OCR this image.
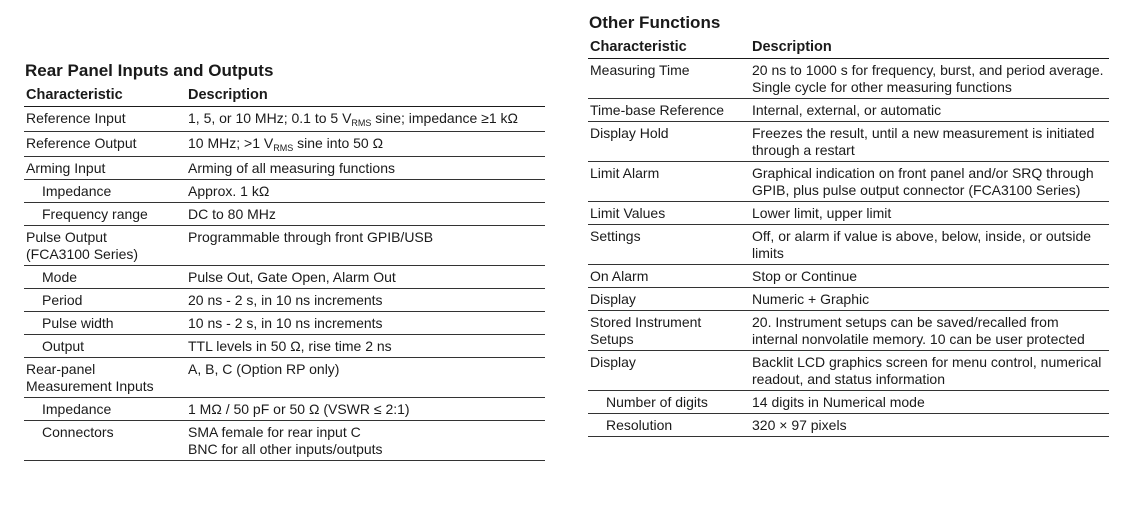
Rear Panel Inputs and Outputs
Characteristic	Description
Reference Input	1, 5, or 10 MHz; 0.1 to 5 $V_{RMS}$ sine; impedance ≥1 kΩ
Reference Output	10 MHz; >1 $V_{RMS}$ sine into 50 Ω
Arming Input	Arming of all measuring functions
Impedance	Approx. 1 kΩ
Frequency range	DC to 80 MHz
Pulse Output
(FCA3100 Series)	Programmable through front GPIB/USB
Mode	Pulse Out, Gate Open, Alarm Out
Period	20 ns - 2 s, in 10 ns increments
Pulse width	10 ns - 2 s, in 10 ns increments
Output	TTL levels in 50 Ω, rise time 2 ns
Rear-panel
Measurement Inputs	A, B, C (Option RP only)
Impedance	1 MΩ / 50 pF or 50 Ω (VSWR ≤ 2:1)
Connectors	SMA female for rear input C
BNC for all other inputs/outputs
Other Functions
Characteristic	Description
Measuring Time	20 ns to 1000 s for frequency, burst, and period average.
Single cycle for other measuring functions
Time-base Reference	Internal, external, or automatic
Display Hold	Freezes the result, until a new measurement is initiated
through a restart
Limit Alarm	Graphical indication on front panel and/or SRQ through
GPIB, plus pulse output connector (FCA3100 Series)
Limit Values	Lower limit, upper limit
Settings	Off, or alarm if value is above, below, inside, or outside
limits
On Alarm	Stop or Continue
Display	Numeric + Graphic
Stored Instrument
Setups	20. Instrument setups can be saved/recalled from
internal nonvolatile memory. 10 can be user protected
Display	Backlit LCD graphics screen for menu control, numerical
readout, and status information
Number of digits	14 digits in Numerical mode
Resolution	320 × 97 pixels
